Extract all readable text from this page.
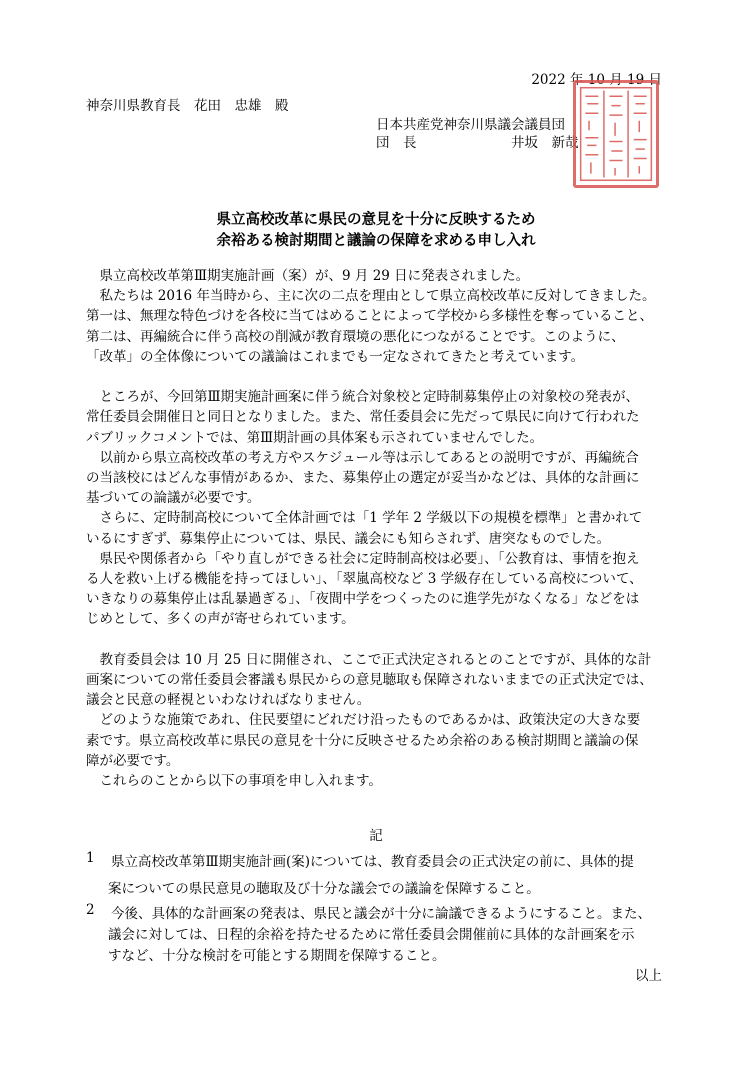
2022 年 10 月 19 日
神奈川県教育長　花田　忠雄　殿
日本共産党神奈川県議会議員団
団　長　　　　　　　井坂　新哉
県立高校改革に県民の意見を十分に反映するため
余裕ある検討期間と議論の保障を求める申し入れ
　県立高校改革第Ⅲ期実施計画（案）が、9 月 29 日に発表されました。
　私たちは 2016 年当時から、主に次の二点を理由として県立高校改革に反対してきました。
第一は、無理な特色づけを各校に当てはめることによって学校から多様性を奪っていること、
第二は、再編統合に伴う高校の削減が教育環境の悪化につながることです。このように、
「改革」の全体像についての議論はこれまでも一定なされてきたと考えています。
　ところが、今回第Ⅲ期実施計画案に伴う統合対象校と定時制募集停止の対象校の発表が、
常任委員会開催日と同日となりました。また、常任委員会に先だって県民に向けて行われた
パブリックコメントでは、第Ⅲ期計画の具体案も示されていませんでした。
　以前から県立高校改革の考え方やスケジュール等は示してあるとの説明ですが、再編統合
の当該校にはどんな事情があるか、また、募集停止の選定が妥当かなどは、具体的な計画に
基づいての論議が必要です。
　さらに、定時制高校について全体計画では「1 学年 2 学級以下の規模を標準」と書かれて
いるにすぎず、募集停止については、県民、議会にも知らされず、唐突なものでした。
　県民や関係者から「やり直しができる社会に定時制高校は必要」、「公教育は、事情を抱え
る人を救い上げる機能を持ってほしい」、「翠嵐高校など 3 学級存在している高校について、
いきなりの募集停止は乱暴過ぎる」、「夜間中学をつくったのに進学先がなくなる」などをは
じめとして、多くの声が寄せられています。
　教育委員会は 10 月 25 日に開催され、ここで正式決定されるとのことですが、具体的な計
画案についての常任委員会審議も県民からの意見聴取も保障されないままでの正式決定では、
議会と民意の軽視といわなければなりません。
　どのような施策であれ、住民要望にどれだけ沿ったものであるかは、政策決定の大きな要
素です。県立高校改革に県民の意見を十分に反映させるため余裕のある検討期間と議論の保
障が必要です。
　これらのことから以下の事項を申し入れます。
記
1 県立高校改革第Ⅲ期実施計画(案)については、教育委員会の正式決定の前に、具体的提
案についての県民意見の聴取及び十分な議会での議論を保障すること。
2 今後、具体的な計画案の発表は、県民と議会が十分に論議できるようにすること。また、
議会に対しては、日程的余裕を持たせるために常任委員会開催前に具体的な計画案を示
すなど、十分な検討を可能とする期間を保障すること。
以上
